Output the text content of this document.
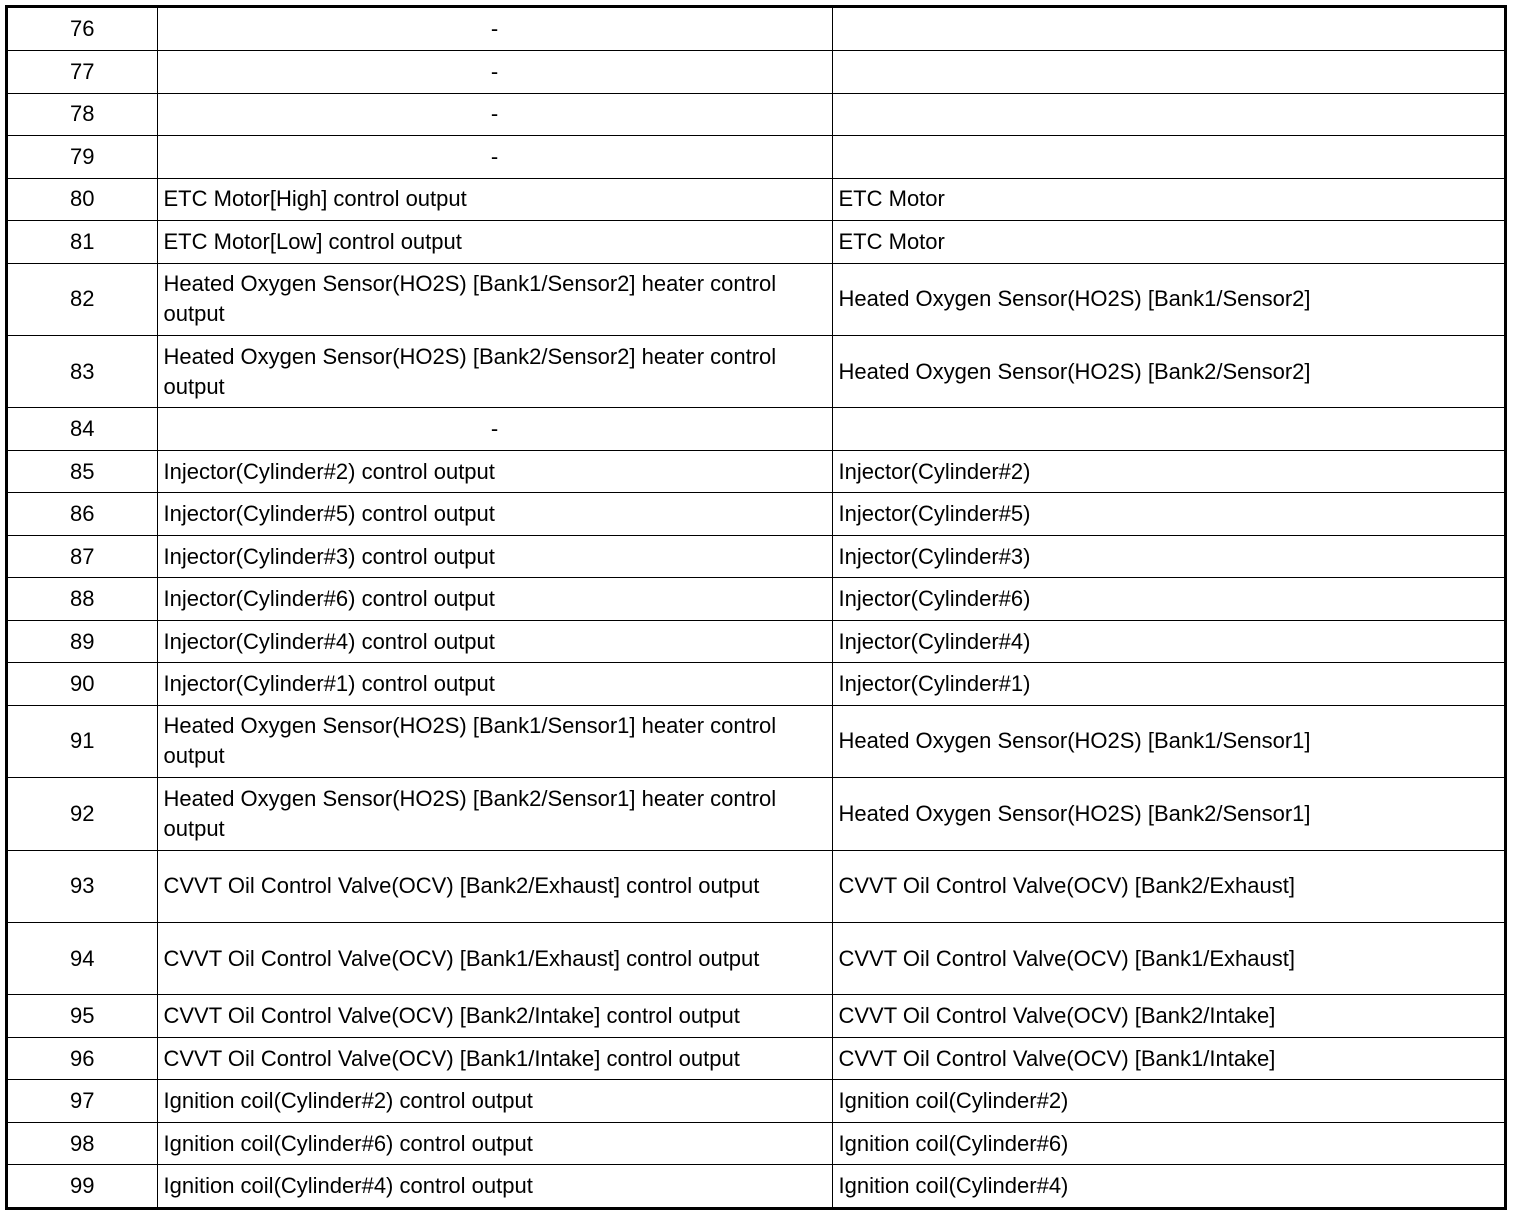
76	-	
77	-	
78	-	
79	-	
80	ETC Motor[High] control output	ETC Motor
81	ETC Motor[Low] control output	ETC Motor
82	Heated Oxygen Sensor(HO2S) [Bank1/Sensor2] heater control output	Heated Oxygen Sensor(HO2S) [Bank1/Sensor2]
83	Heated Oxygen Sensor(HO2S) [Bank2/Sensor2] heater control output	Heated Oxygen Sensor(HO2S) [Bank2/Sensor2]
84	-	
85	Injector(Cylinder#2) control output	Injector(Cylinder#2)
86	Injector(Cylinder#5) control output	Injector(Cylinder#5)
87	Injector(Cylinder#3) control output	Injector(Cylinder#3)
88	Injector(Cylinder#6) control output	Injector(Cylinder#6)
89	Injector(Cylinder#4) control output	Injector(Cylinder#4)
90	Injector(Cylinder#1) control output	Injector(Cylinder#1)
91	Heated Oxygen Sensor(HO2S) [Bank1/Sensor1] heater control output	Heated Oxygen Sensor(HO2S) [Bank1/Sensor1]
92	Heated Oxygen Sensor(HO2S) [Bank2/Sensor1] heater control output	Heated Oxygen Sensor(HO2S) [Bank2/Sensor1]
93	CVVT Oil Control Valve(OCV) [Bank2/Exhaust] control output	CVVT Oil Control Valve(OCV) [Bank2/Exhaust]
94	CVVT Oil Control Valve(OCV) [Bank1/Exhaust] control output	CVVT Oil Control Valve(OCV) [Bank1/Exhaust]
95	CVVT Oil Control Valve(OCV) [Bank2/Intake] control output	CVVT Oil Control Valve(OCV) [Bank2/Intake]
96	CVVT Oil Control Valve(OCV) [Bank1/Intake] control output	CVVT Oil Control Valve(OCV) [Bank1/Intake]
97	Ignition coil(Cylinder#2) control output	Ignition coil(Cylinder#2)
98	Ignition coil(Cylinder#6) control output	Ignition coil(Cylinder#6)
99	Ignition coil(Cylinder#4) control output	Ignition coil(Cylinder#4)
